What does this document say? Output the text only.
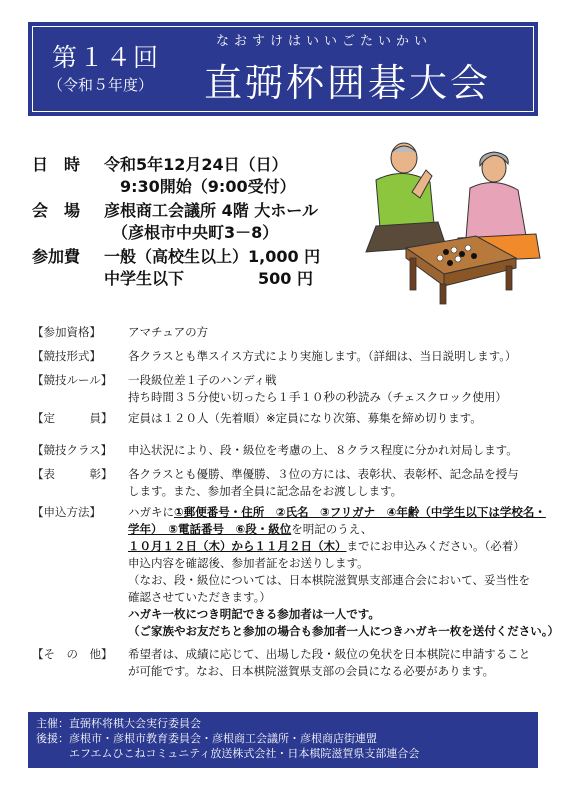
第１４回
（令和５年度）
なおすけはいいごたいかい
直弼杯囲碁大会
日　時	令和5年12月24日（日）
9:30開始（9:00受付）
会　場	彦根商工会議所 4階 大ホール
（彦根市中央町3－8）
参加費	一般（高校生以上）1,000 円
中学生以下	500 円
【参加資格】	アマチュアの方
【競技形式】	各クラスとも準スイス方式により実施します。（詳細は、当日説明します。）
【競技ルール】	一段級位差１子のハンディ戦
持ち時間３５分使い切ったら１手１０秒の秒読み（チェスクロック使用）
【定　　　員】	定員は１２０人（先着順）※定員になり次第、募集を締め切ります。
【競技クラス】	申込状況により、段・級位を考慮の上、８クラス程度に分かれ対局します。
【表　　　彰】	各クラスとも優勝、準優勝、３位の方には、表彰状、表彰杯、記念品を授与
します。また、参加者全員に記念品をお渡しします。
【申込方法】	ハガキに①郵便番号・住所　②氏名　③フリガナ　④年齢（中学生以下は学校名・
学年）　⑤電話番号　⑥段・級位を明記のうえ、
１０月１２日（木）から１１月２日（木）までにお申込みください。（必着）
申込内容を確認後、参加者証をお送りします。
（なお、段・級位については、日本棋院滋賀県支部連合会において、妥当性を
確認させていただきます。）
ハガキ一枚につき明記できる参加者は一人です。
（ご家族やお友だちと参加の場合も参加者一人につきハガキ一枚を送付ください。）
【そ　の　他】	希望者は、成績に応じて、出場した段・級位の免状を日本棋院に申請すること
が可能です。なお、日本棋院滋賀県支部の会員になる必要があります。
主催：直弼杯将棋大会実行委員会
後援：彦根市・彦根市教育委員会・彦根商工会議所・彦根商店街連盟
　　　エフエムひこねコミュニティ放送株式会社・日本棋院滋賀県支部連合会
